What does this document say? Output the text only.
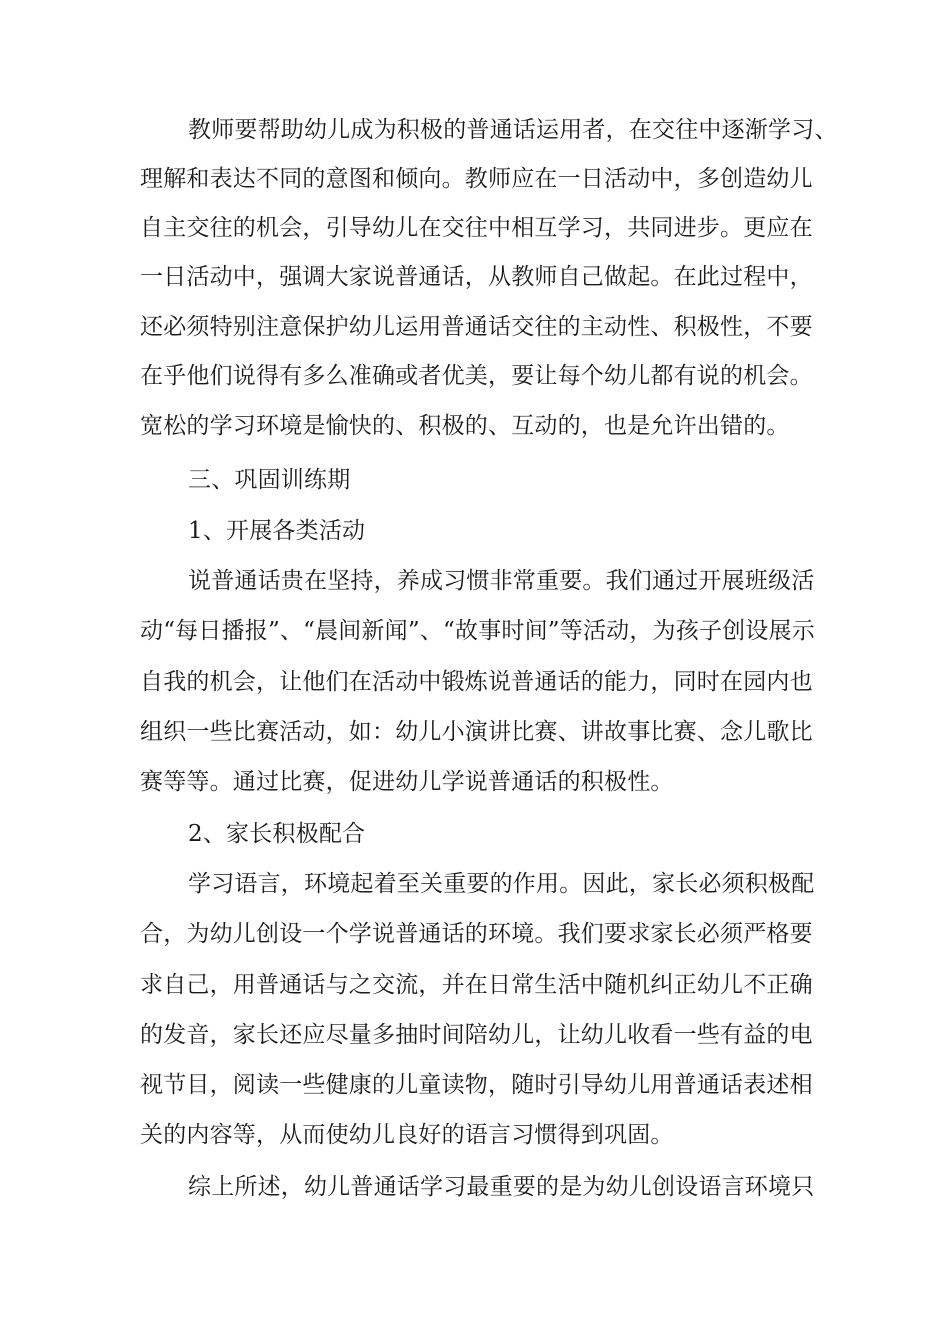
教师要帮助幼儿成为积极的普通话运用者，在交往中逐渐学习、
理解和表达不同的意图和倾向。教师应在一日活动中，多创造幼儿
自主交往的机会，引导幼儿在交往中相互学习，共同进步。更应在
一日活动中，强调大家说普通话，从教师自己做起。在此过程中，
还必须特别注意保护幼儿运用普通话交往的主动性、积极性，不要
在乎他们说得有多么准确或者优美，要让每个幼儿都有说的机会。
宽松的学习环境是愉快的、积极的、互动的，也是允许出错的。
三、巩固训练期
1、开展各类活动
说普通话贵在坚持，养成习惯非常重要。我们通过开展班级活
动“每日播报”、“晨间新闻”、“故事时间”等活动，为孩子创设展示
自我的机会，让他们在活动中锻炼说普通话的能力，同时在园内也
组织一些比赛活动，如：幼儿小演讲比赛、讲故事比赛、念儿歌比
赛等等。通过比赛，促进幼儿学说普通话的积极性。
2、家长积极配合
学习语言，环境起着至关重要的作用。因此，家长必须积极配
合，为幼儿创设一个学说普通话的环境。我们要求家长必须严格要
求自己，用普通话与之交流，并在日常生活中随机纠正幼儿不正确
的发音，家长还应尽量多抽时间陪幼儿，让幼儿收看一些有益的电
视节目，阅读一些健康的儿童读物，随时引导幼儿用普通话表述相
关的内容等，从而使幼儿良好的语言习惯得到巩固。
综上所述，幼儿普通话学习最重要的是为幼儿创设语言环境只
